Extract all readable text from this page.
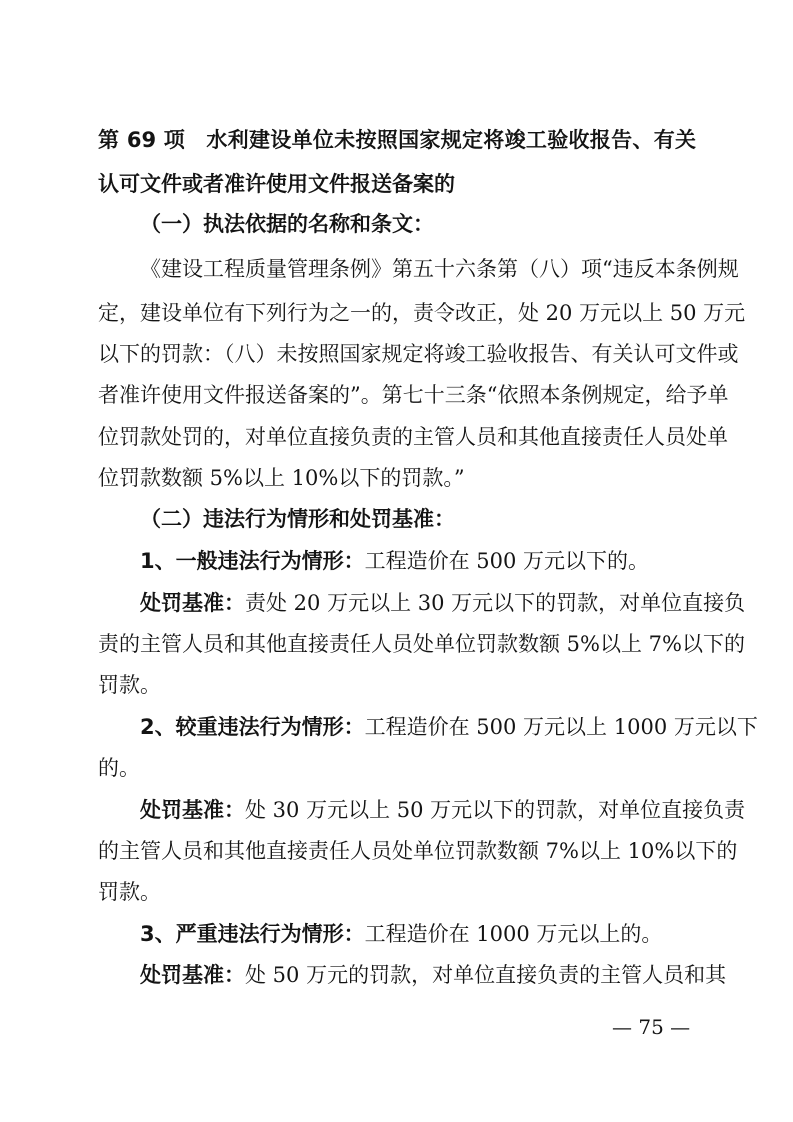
第 69 项　 水利建设单位未按照国家规定将竣工验收报告、有关
认可文件或者准许使用文件报送备案的
（一）执法依据的名称和条文：
《建设工程质量管理条例》第五十六条第（八）项“违反本条例规
定，建设单位有下列行为之一的，责令改正，处 20 万元以上 50 万元
以下的罚款：（八）未按照国家规定将竣工验收报告、有关认可文件或
者准许使用文件报送备案的”。第七十三条“依照本条例规定，给予单
位罚款处罚的，对单位直接负责的主管人员和其他直接责任人员处单
位罚款数额 5%以上 10%以下的罚款。”
（二）违法行为情形和处罚基准：
1、一般违法行为情形：工程造价在 500 万元以下的。
处罚基准：责处 20 万元以上 30 万元以下的罚款，对单位直接负
责的主管人员和其他直接责任人员处单位罚款数额 5%以上 7%以下的
罚款。
2、较重违法行为情形：工程造价在 500 万元以上 1000 万元以下
的。
处罚基准：处 30 万元以上 50 万元以下的罚款，对单位直接负责
的主管人员和其他直接责任人员处单位罚款数额 7%以上 10%以下的
罚款。
3、严重违法行为情形：工程造价在 1000 万元以上的。
处罚基准：处 50 万元的罚款，对单位直接负责的主管人员和其
— 75 —
